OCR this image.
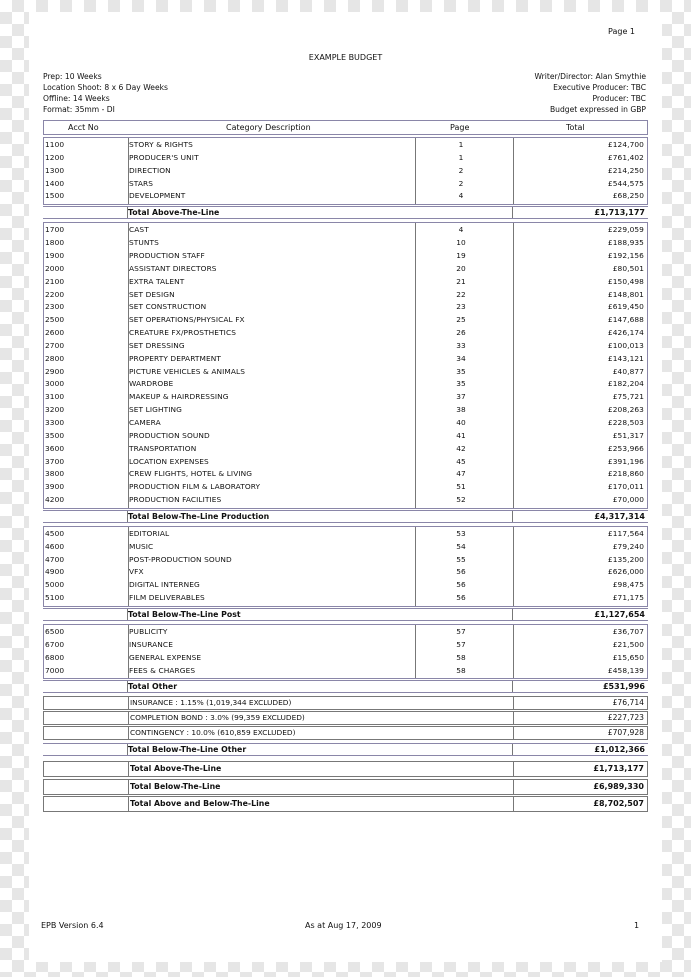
Page 1
EXAMPLE BUDGET
Prep: 10 Weeks
Location Shoot: 8 x 6 Day Weeks
Offline: 14 Weeks
Format: 35mm - DI
Writer/Director: Alan Smythie
Executive Producer: TBC
Producer: TBC
Budget expressed in GBP
Acct No	Category Description	Page	Total
1100	STORY & RIGHTS	1	£124,700
1200	PRODUCER'S UNIT	1	£761,402
1300	DIRECTION	2	£214,250
1400	STARS	2	£544,575
1500	DEVELOPMENT	4	£68,250
Total Above-The-Line	£1,713,177
1700	CAST	4	£229,059
1800	STUNTS	10	£188,935
1900	PRODUCTION STAFF	19	£192,156
2000	ASSISTANT DIRECTORS	20	£80,501
2100	EXTRA TALENT	21	£150,498
2200	SET DESIGN	22	£148,801
2300	SET CONSTRUCTION	23	£619,450
2500	SET OPERATIONS/PHYSICAL FX	25	£147,688
2600	CREATURE FX/PROSTHETICS	26	£426,174
2700	SET DRESSING	33	£100,013
2800	PROPERTY DEPARTMENT	34	£143,121
2900	PICTURE VEHICLES & ANIMALS	35	£40,877
3000	WARDROBE	35	£182,204
3100	MAKEUP & HAIRDRESSING	37	£75,721
3200	SET LIGHTING	38	£208,263
3300	CAMERA	40	£228,503
3500	PRODUCTION SOUND	41	£51,317
3600	TRANSPORTATION	42	£253,966
3700	LOCATION EXPENSES	45	£391,196
3800	CREW FLIGHTS, HOTEL & LIVING	47	£218,860
3900	PRODUCTION FILM & LABORATORY	51	£170,011
4200	PRODUCTION FACILITIES	52	£70,000
Total Below-The-Line Production	£4,317,314
4500	EDITORIAL	53	£117,564
4600	MUSIC	54	£79,240
4700	POST-PRODUCTION SOUND	55	£135,200
4900	VFX	56	£626,000
5000	DIGITAL INTERNEG	56	£98,475
5100	FILM DELIVERABLES	56	£71,175
Total Below-The-Line Post	£1,127,654
6500	PUBLICITY	57	£36,707
6700	INSURANCE	57	£21,500
6800	GENERAL EXPENSE	58	£15,650
7000	FEES & CHARGES	58	£458,139
Total Other	£531,996
INSURANCE : 1.15% (1,019,344 EXCLUDED)	£76,714
COMPLETION BOND : 3.0% (99,359 EXCLUDED)	£227,723
CONTINGENCY : 10.0% (610,859 EXCLUDED)	£707,928
Total Below-The-Line Other	£1,012,366
Total Above-The-Line	£1,713,177
Total Below-The-Line	£6,989,330
Total Above and Below-The-Line	£8,702,507
EPB Version 6.4	As at Aug 17, 2009	1
